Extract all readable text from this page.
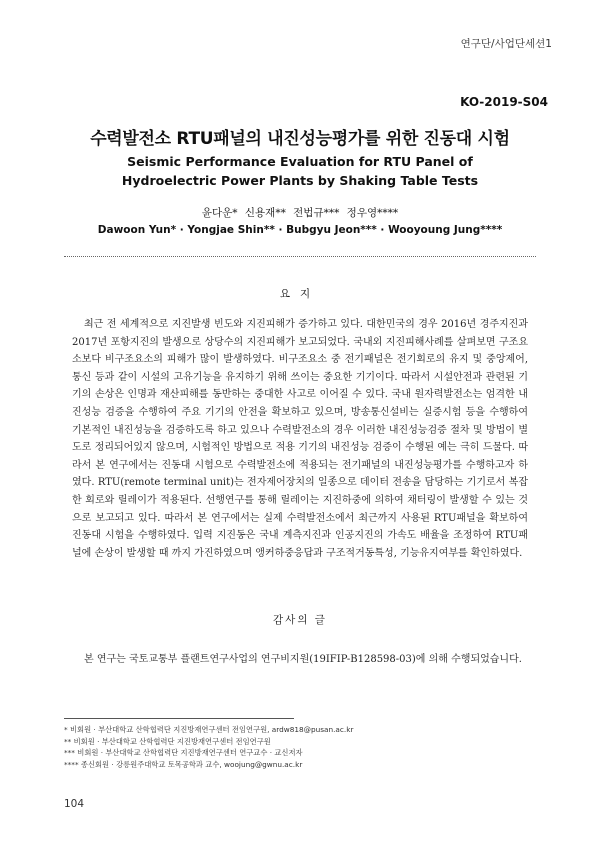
연구단/사업단세션1
KO-2019-S04
수력발전소 RTU패널의 내진성능평가를 위한 진동대 시험
Seismic Performance Evaluation for RTU Panel of
Hydroelectric Power Plants by Shaking Table Tests
윤다운* 신용재** 전법규*** 정우영****
Dawoon Yun* · Yongjae Shin** · Bubgyu Jeon*** · Wooyoung Jung****
요지

최근 전 세계적으로 지진발생 빈도와 지진피해가 증가하고 있다. 대한민국의 경우 2016년 경주지진과 2017년 포항지진의 발생으로 상당수의 지진피해가 보고되었다. 국내외 지진피해사례를 살펴보면 구조요소보다 비구조요소의 피해가 많이 발생하였다. 비구조요소 중 전기패널은 전기회로의 유지 및 중앙제어, 통신 등과 같이 시설의 고유기능을 유지하기 위해 쓰이는 중요한 기기이다. 따라서 시설안전과 관련된 기기의 손상은 인명과 재산피해를 동반하는 중대한 사고로 이어질 수 있다. 국내 원자력발전소는 엄격한 내진성능 검증을 수행하여 주요 기기의 안전을 확보하고 있으며, 방송통신설비는 실증시험 등을 수행하여 기본적인 내진성능을 검증하도록 하고 있으나 수력발전소의 경우 이러한 내진성능검증 절차 및 방법이 별도로 정리되어있지 않으며, 시험적인 방법으로 적용 기기의 내진성능 검증이 수행된 예는 극히 드물다. 따라서 본 연구에서는 진동대 시험으로 수력발전소에 적용되는 전기패널의 내진성능평가를 수행하고자 하였다. RTU(remote terminal unit)는 전자제어장치의 일종으로 데이터 전송을 담당하는 기기로서 복잡한 회로와 릴레이가 적용된다. 선행연구를 통해 릴레이는 지진하중에 의하여 채터링이 발생할 수 있는 것으로 보고되고 있다. 따라서 본 연구에서는 실제 수력발전소에서 최근까지 사용된 RTU패널을 확보하여 진동대 시험을 수행하였다. 입력 지진동은 국내 계측지진과 인공지진의 가속도 배율을 조정하여 RTU패널에 손상이 발생할 때 까지 가진하였으며 앵커하중응답과 구조적거동특성, 기능유지여부를 확인하였다.

감사의 글

본 연구는 국토교통부 플랜트연구사업의 연구비지원(19IFIP-B128598-03)에 의해 수행되었습니다.

* 비회원 · 부산대학교 산학협력단 지진방재연구센터 전임연구원, ardw818@pusan.ac.kr
** 비회원 · 부산대학교 산학협력단 지진방재연구센터 전임연구원
*** 비회원 · 부산대학교 산학협력단 지진방재연구센터 연구교수 · 교신저자
**** 종신회원 · 강릉원주대학교 토목공학과 교수, woojung@gwnu.ac.kr
104
